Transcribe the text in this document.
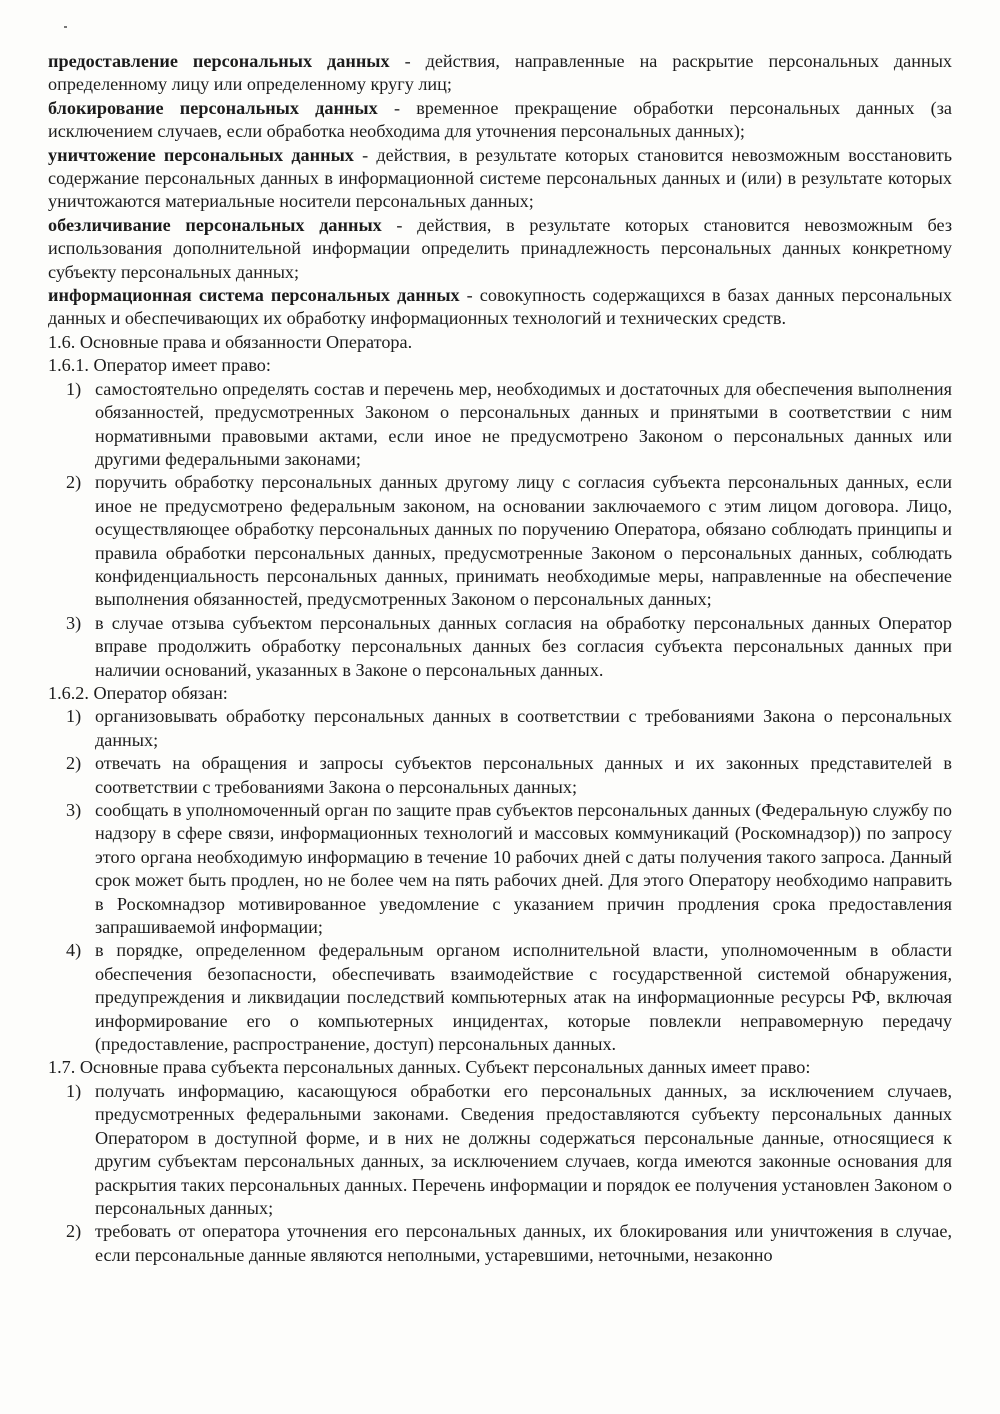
предоставление персональных данных - действия, направленные на раскрытие персональных данных определенному лицу или определенному кругу лиц;

блокирование персональных данных - временное прекращение обработки персональных данных (за исключением случаев, если обработка необходима для уточнения персональных данных);

уничтожение персональных данных - действия, в результате которых становится невозможным восстановить содержание персональных данных в информационной системе персональных данных и (или) в результате которых уничтожаются материальные носители персональных данных;

обезличивание персональных данных - действия, в результате которых становится невозможным без использования дополнительной информации определить принадлежность персональных данных конкретному субъекту персональных данных;

информационная система персональных данных - совокупность содержащихся в базах данных персональных данных и обеспечивающих их обработку информационных технологий и технических средств.

1.6. Основные права и обязанности Оператора.

1.6.1. Оператор имеет право:

1) самостоятельно определять состав и перечень мер, необходимых и достаточных для обеспечения выполнения обязанностей, предусмотренных Законом о персональных данных и принятыми в соответствии с ним нормативными правовыми актами, если иное не предусмотрено Законом о персональных данных или другими федеральными законами;
2) поручить обработку персональных данных другому лицу с согласия субъекта персональных данных, если иное не предусмотрено федеральным законом, на основании заключаемого с этим лицом договора. Лицо, осуществляющее обработку персональных данных по поручению Оператора, обязано соблюдать принципы и правила обработки персональных данных, предусмотренные Законом о персональных данных, соблюдать конфиденциальность персональных данных, принимать необходимые меры, направленные на обеспечение выполнения обязанностей, предусмотренных Законом о персональных данных;
3) в случае отзыва субъектом персональных данных согласия на обработку персональных данных Оператор вправе продолжить обработку персональных данных без согласия субъекта персональных данных при наличии оснований, указанных в Законе о персональных данных.

1.6.2. Оператор обязан:

1) организовывать обработку персональных данных в соответствии с требованиями Закона о персональных данных;
2) отвечать на обращения и запросы субъектов персональных данных и их законных представителей в соответствии с требованиями Закона о персональных данных;
3) сообщать в уполномоченный орган по защите прав субъектов персональных данных (Федеральную службу по надзору в сфере связи, информационных технологий и массовых коммуникаций (Роскомнадзор)) по запросу этого органа необходимую информацию в течение 10 рабочих дней с даты получения такого запроса. Данный срок может быть продлен, но не более чем на пять рабочих дней. Для этого Оператору необходимо направить в Роскомнадзор мотивированное уведомление с указанием причин продления срока предоставления запрашиваемой информации;
4) в порядке, определенном федеральным органом исполнительной власти, уполномоченным в области обеспечения безопасности, обеспечивать взаимодействие с государственной системой обнаружения, предупреждения и ликвидации последствий компьютерных атак на информационные ресурсы РФ, включая информирование его о компьютерных инцидентах, которые повлекли неправомерную передачу (предоставление, распространение, доступ) персональных данных.

1.7. Основные права субъекта персональных данных. Субъект персональных данных имеет право:

1) получать информацию, касающуюся обработки его персональных данных, за исключением случаев, предусмотренных федеральными законами. Сведения предоставляются субъекту персональных данных Оператором в доступной форме, и в них не должны содержаться персональные данные, относящиеся к другим субъектам персональных данных, за исключением случаев, когда имеются законные основания для раскрытия таких персональных данных. Перечень информации и порядок ее получения установлен Законом о персональных данных;
2) требовать от оператора уточнения его персональных данных, их блокирования или уничтожения в случае, если персональные данные являются неполными, устаревшими, неточными, незаконно
